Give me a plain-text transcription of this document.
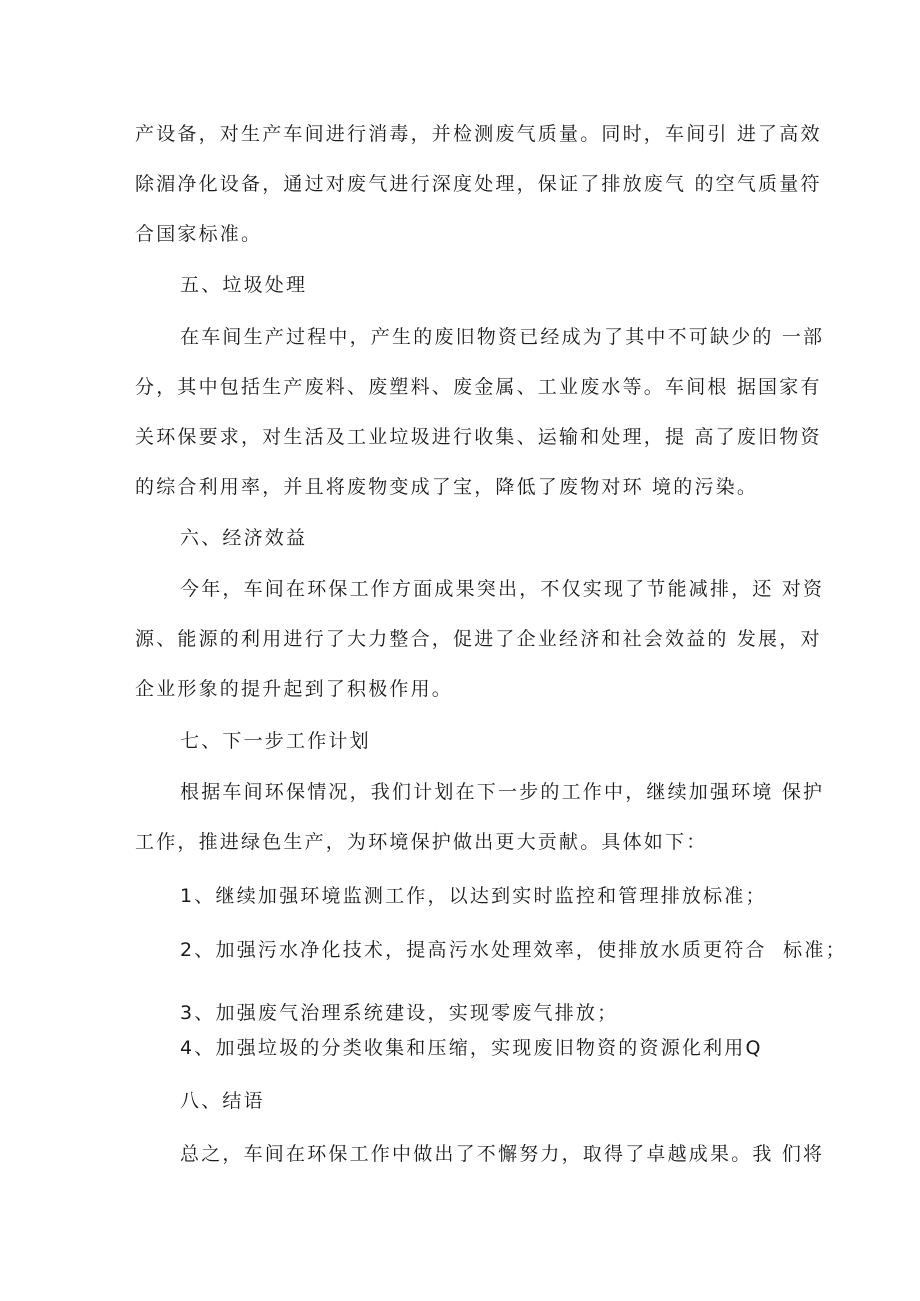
产设备，对生产车间进行消毒，并检测废气质量。同时，车间引 进了高效
除湄净化设备，通过对废气进行深度处理，保证了排放废气 的空气质量符
合国家标准。
五、垃圾处理
在车间生产过程中，产生的废旧物资已经成为了其中不可缺少的 一部
分，其中包括生产废料、废塑料、废金属、工业废水等。车间根 据国家有
关环保要求，对生活及工业垃圾进行收集、运输和处理，提 高了废旧物资
的综合利用率，并且将废物变成了宝，降低了废物对环 境的污染。
六、经济效益
今年，车间在环保工作方面成果突出，不仅实现了节能减排，还 对资
源、能源的利用进行了大力整合，促进了企业经济和社会效益的 发展，对
企业形象的提升起到了积极作用。
七、下一步工作计划
根据车间环保情况，我们计划在下一步的工作中，继续加强环境 保护
工作，推进绿色生产，为环境保护做出更大贡献。具体如下：
1、继续加强环境监测工作，以达到实时监控和管理排放标准；
2、加强污水净化技术，提高污水处理效率，使排放水质更符合  标准；
3、加强废气治理系统建设，实现零废气排放；
4、加强垃圾的分类收集和压缩，实现废旧物资的资源化利用Q
八、结语
总之，车间在环保工作中做出了不懈努力，取得了卓越成果。我 们将
